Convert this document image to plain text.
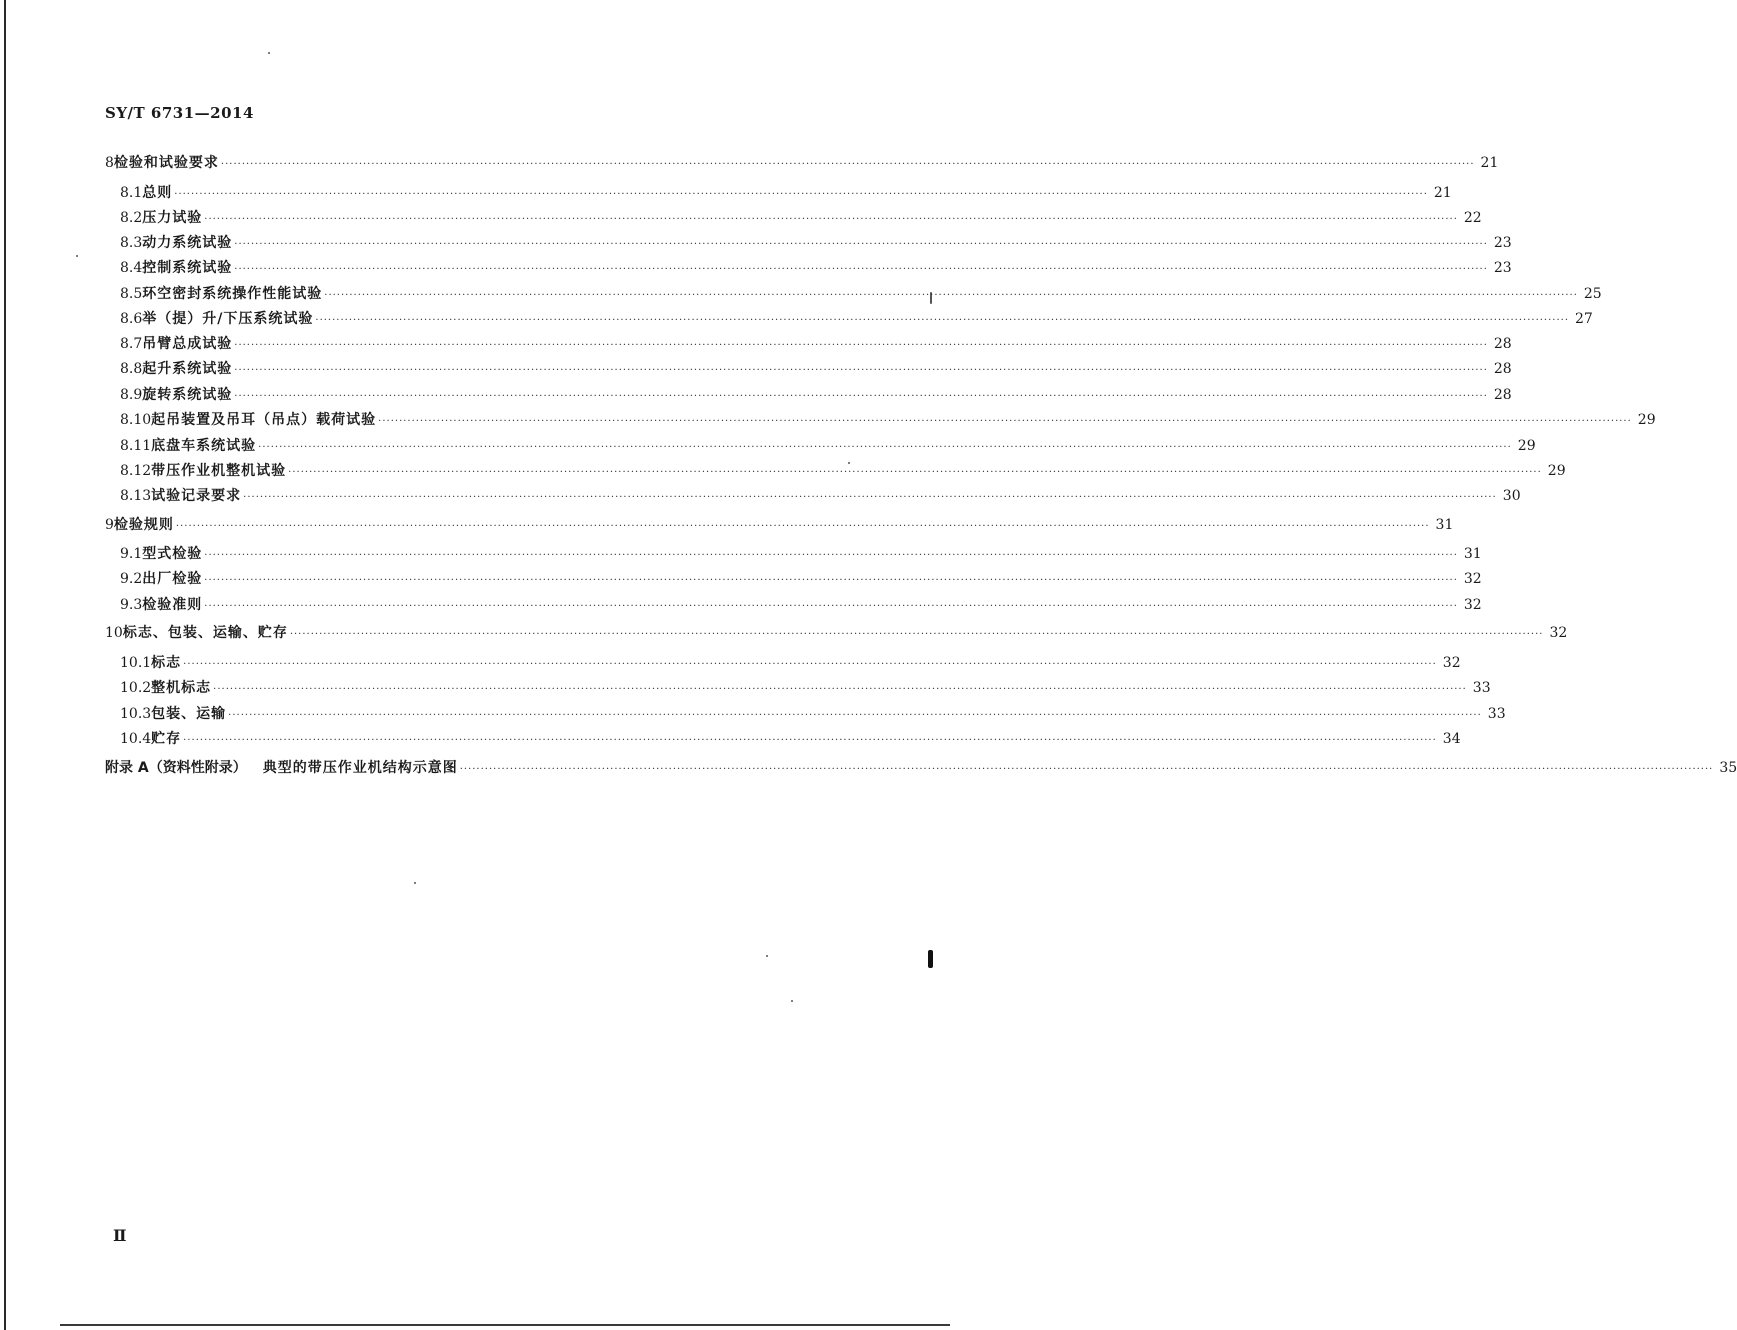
SY/T 6731—2014
8 检验和试验要求 ············································································································································································································································································································ 21
8.1 总则 ············································································································································································································································································································ 21
8.2 压力试验 ············································································································································································································································································································ 22
8.3 动力系统试验 ············································································································································································································································································································ 23
8.4 控制系统试验 ············································································································································································································································································································ 23
8.5 环空密封系统操作性能试验 ············································································································································································································································································································ 25
8.6 举（提）升/下压系统试验 ············································································································································································································································································································ 27
8.7 吊臂总成试验 ············································································································································································································································································································ 28
8.8 起升系统试验 ············································································································································································································································································································ 28
8.9 旋转系统试验 ············································································································································································································································································································ 28
8.10 起吊装置及吊耳（吊点）载荷试验 ············································································································································································································································································································ 29
8.11 底盘车系统试验 ············································································································································································································································································································ 29
8.12 带压作业机整机试验 ············································································································································································································································································································ 29
8.13 试验记录要求 ············································································································································································································································································································ 30
9 检验规则 ············································································································································································································································································································ 31
9.1 型式检验 ············································································································································································································································································································ 31
9.2 出厂检验 ············································································································································································································································································································ 32
9.3 检验准则 ············································································································································································································································································································ 32
10 标志、包装、运输、贮存 ············································································································································································································································································································ 32
10.1 标志 ············································································································································································································································································································ 32
10.2 整机标志 ············································································································································································································································································································ 33
10.3 包装、运输 ············································································································································································································································································································ 33
10.4 贮存 ············································································································································································································································································································ 34
附录 A（资料性附录） 典型的带压作业机结构示意图 ············································································································································································································································································································ 35
Ⅱ
